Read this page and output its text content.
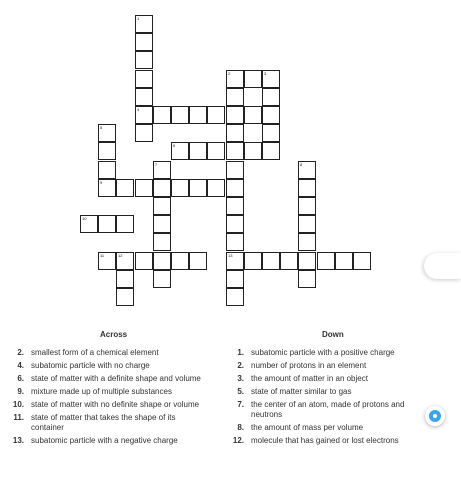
1
4
2	3
13
5
9
6
7	8
10
11	12
Across
2. smallest form of a chemical element
4. subatomic particle with no charge
6. state of matter with a definite shape and volume
9. mixture made up of multiple substances
10. state of matter with no definite shape or volume
11. state of matter that takes the shape of its container
13. subatomic particle with a negative charge
Down
1. subatomic particle with a positive charge
2. number of protons in an element
3. the amount of matter in an object
5. state of matter similar to gas
7. the center of an atom, made of protons and neutrons
8. the amount of mass per volume
12. molecule that has gained or lost electrons
